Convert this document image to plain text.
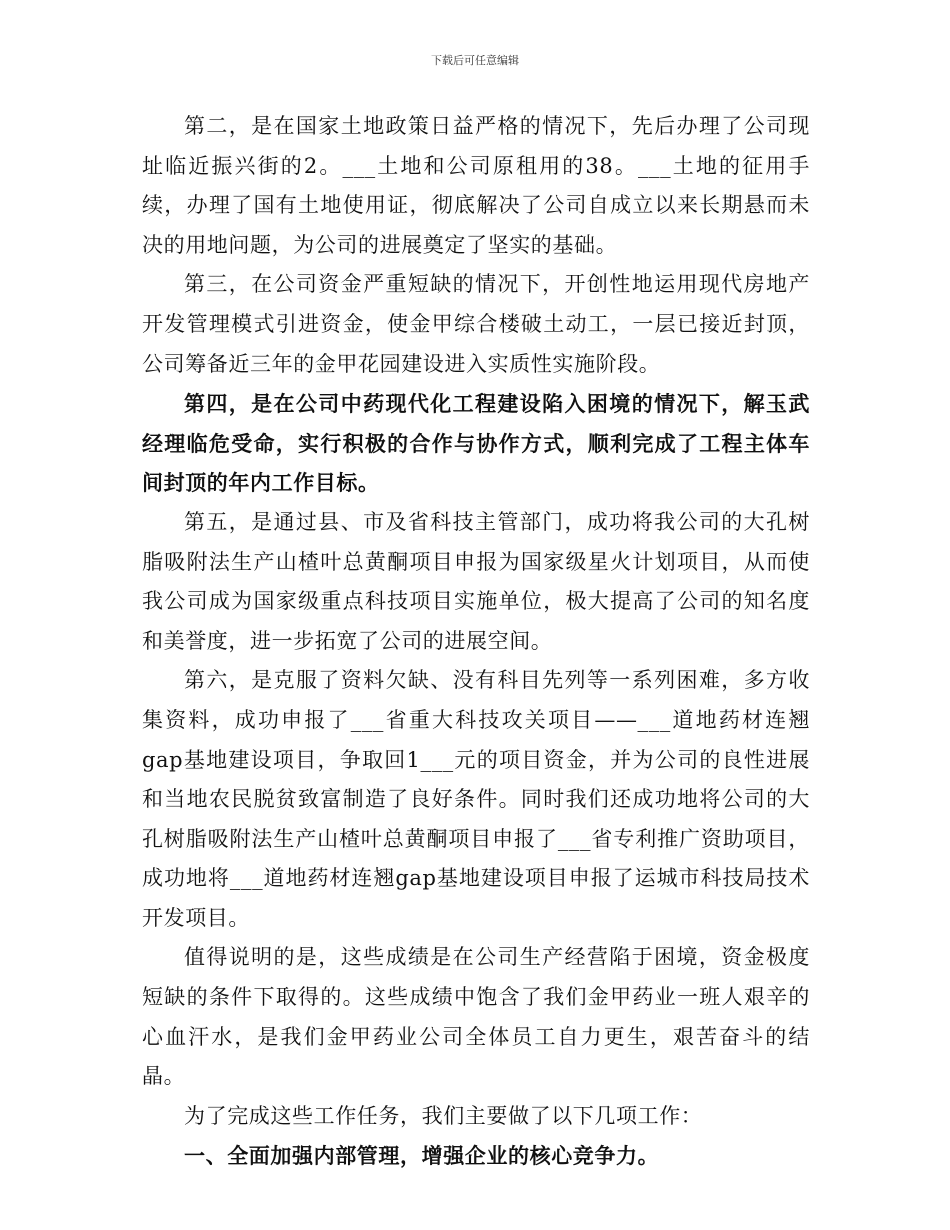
下载后可任意编辑

第二，是在国家土地政策日益严格的情况下，先后办理了公司现址临近振兴街的2。___土地和公司原租用的38。___土地的征用手续，办理了国有土地使用证，彻底解决了公司自成立以来长期悬而未决的用地问题，为公司的进展奠定了坚实的基础。

第三，在公司资金严重短缺的情况下，开创性地运用现代房地产开发管理模式引进资金，使金甲综合楼破土动工，一层已接近封顶，公司筹备近三年的金甲花园建设进入实质性实施阶段。

第四，是在公司中药现代化工程建设陷入困境的情况下，解玉武经理临危受命，实行积极的合作与协作方式，顺利完成了工程主体车间封顶的年内工作目标。

第五，是通过县、市及省科技主管部门，成功将我公司的大孔树脂吸附法生产山楂叶总黄酮项目申报为国家级星火计划项目，从而使我公司成为国家级重点科技项目实施单位，极大提高了公司的知名度和美誉度，进一步拓宽了公司的进展空间。

第六，是克服了资料欠缺、没有科目先列等一系列困难，多方收集资料，成功申报了___省重大科技攻关项目——___道地药材连翘gap基地建设项目，争取回1___元的项目资金，并为公司的良性进展和当地农民脱贫致富制造了良好条件。同时我们还成功地将公司的大孔树脂吸附法生产山楂叶总黄酮项目申报了___省专利推广资助项目，成功地将___道地药材连翘gap基地建设项目申报了运城市科技局技术开发项目。

值得说明的是，这些成绩是在公司生产经营陷于困境，资金极度短缺的条件下取得的。这些成绩中饱含了我们金甲药业一班人艰辛的心血汗水，是我们金甲药业公司全体员工自力更生，艰苦奋斗的结晶。

为了完成这些工作任务，我们主要做了以下几项工作：

一、全面加强内部管理，增强企业的核心竞争力。
